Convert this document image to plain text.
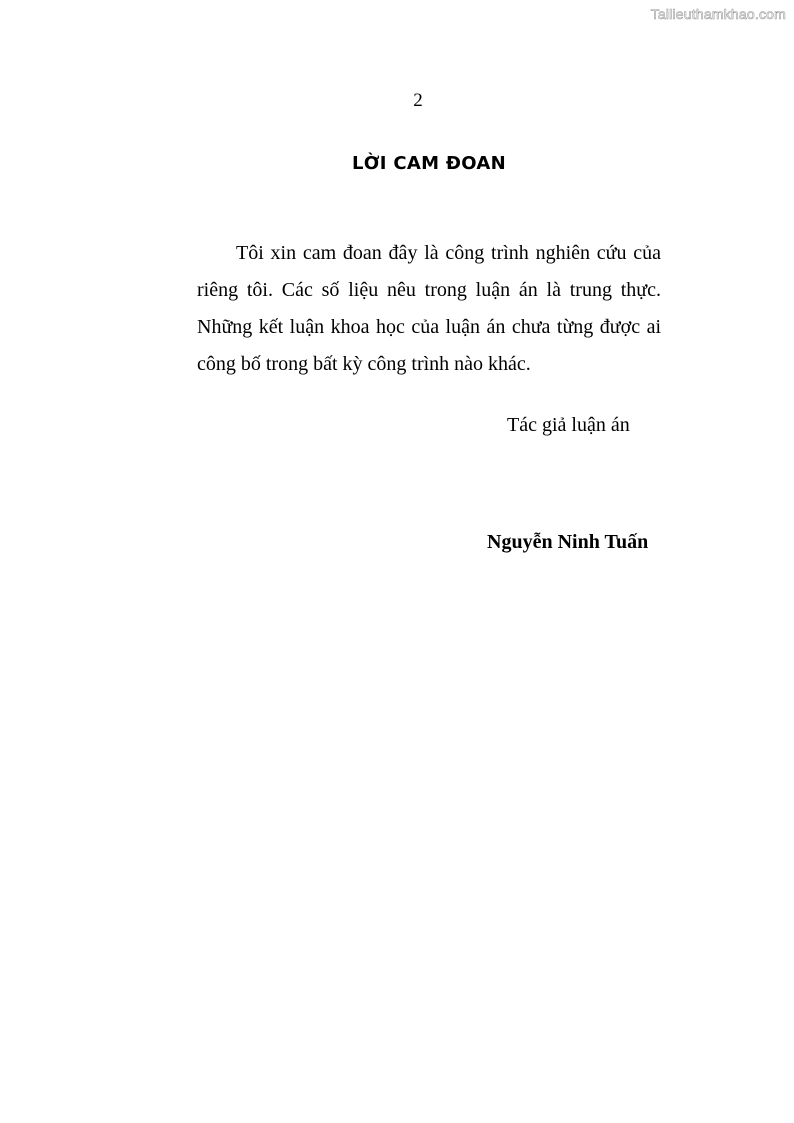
Tailieuthamkhao.com
2
LỜI CAM ĐOAN

Tôi xin cam đoan đây là công trình nghiên cứu của riêng tôi. Các số liệu nêu trong luận án là trung thực. Những kết luận khoa học của luận án chưa từng được ai công bố trong bất kỳ công trình nào khác.

Tác giả luận án
Nguyễn Ninh Tuấn
